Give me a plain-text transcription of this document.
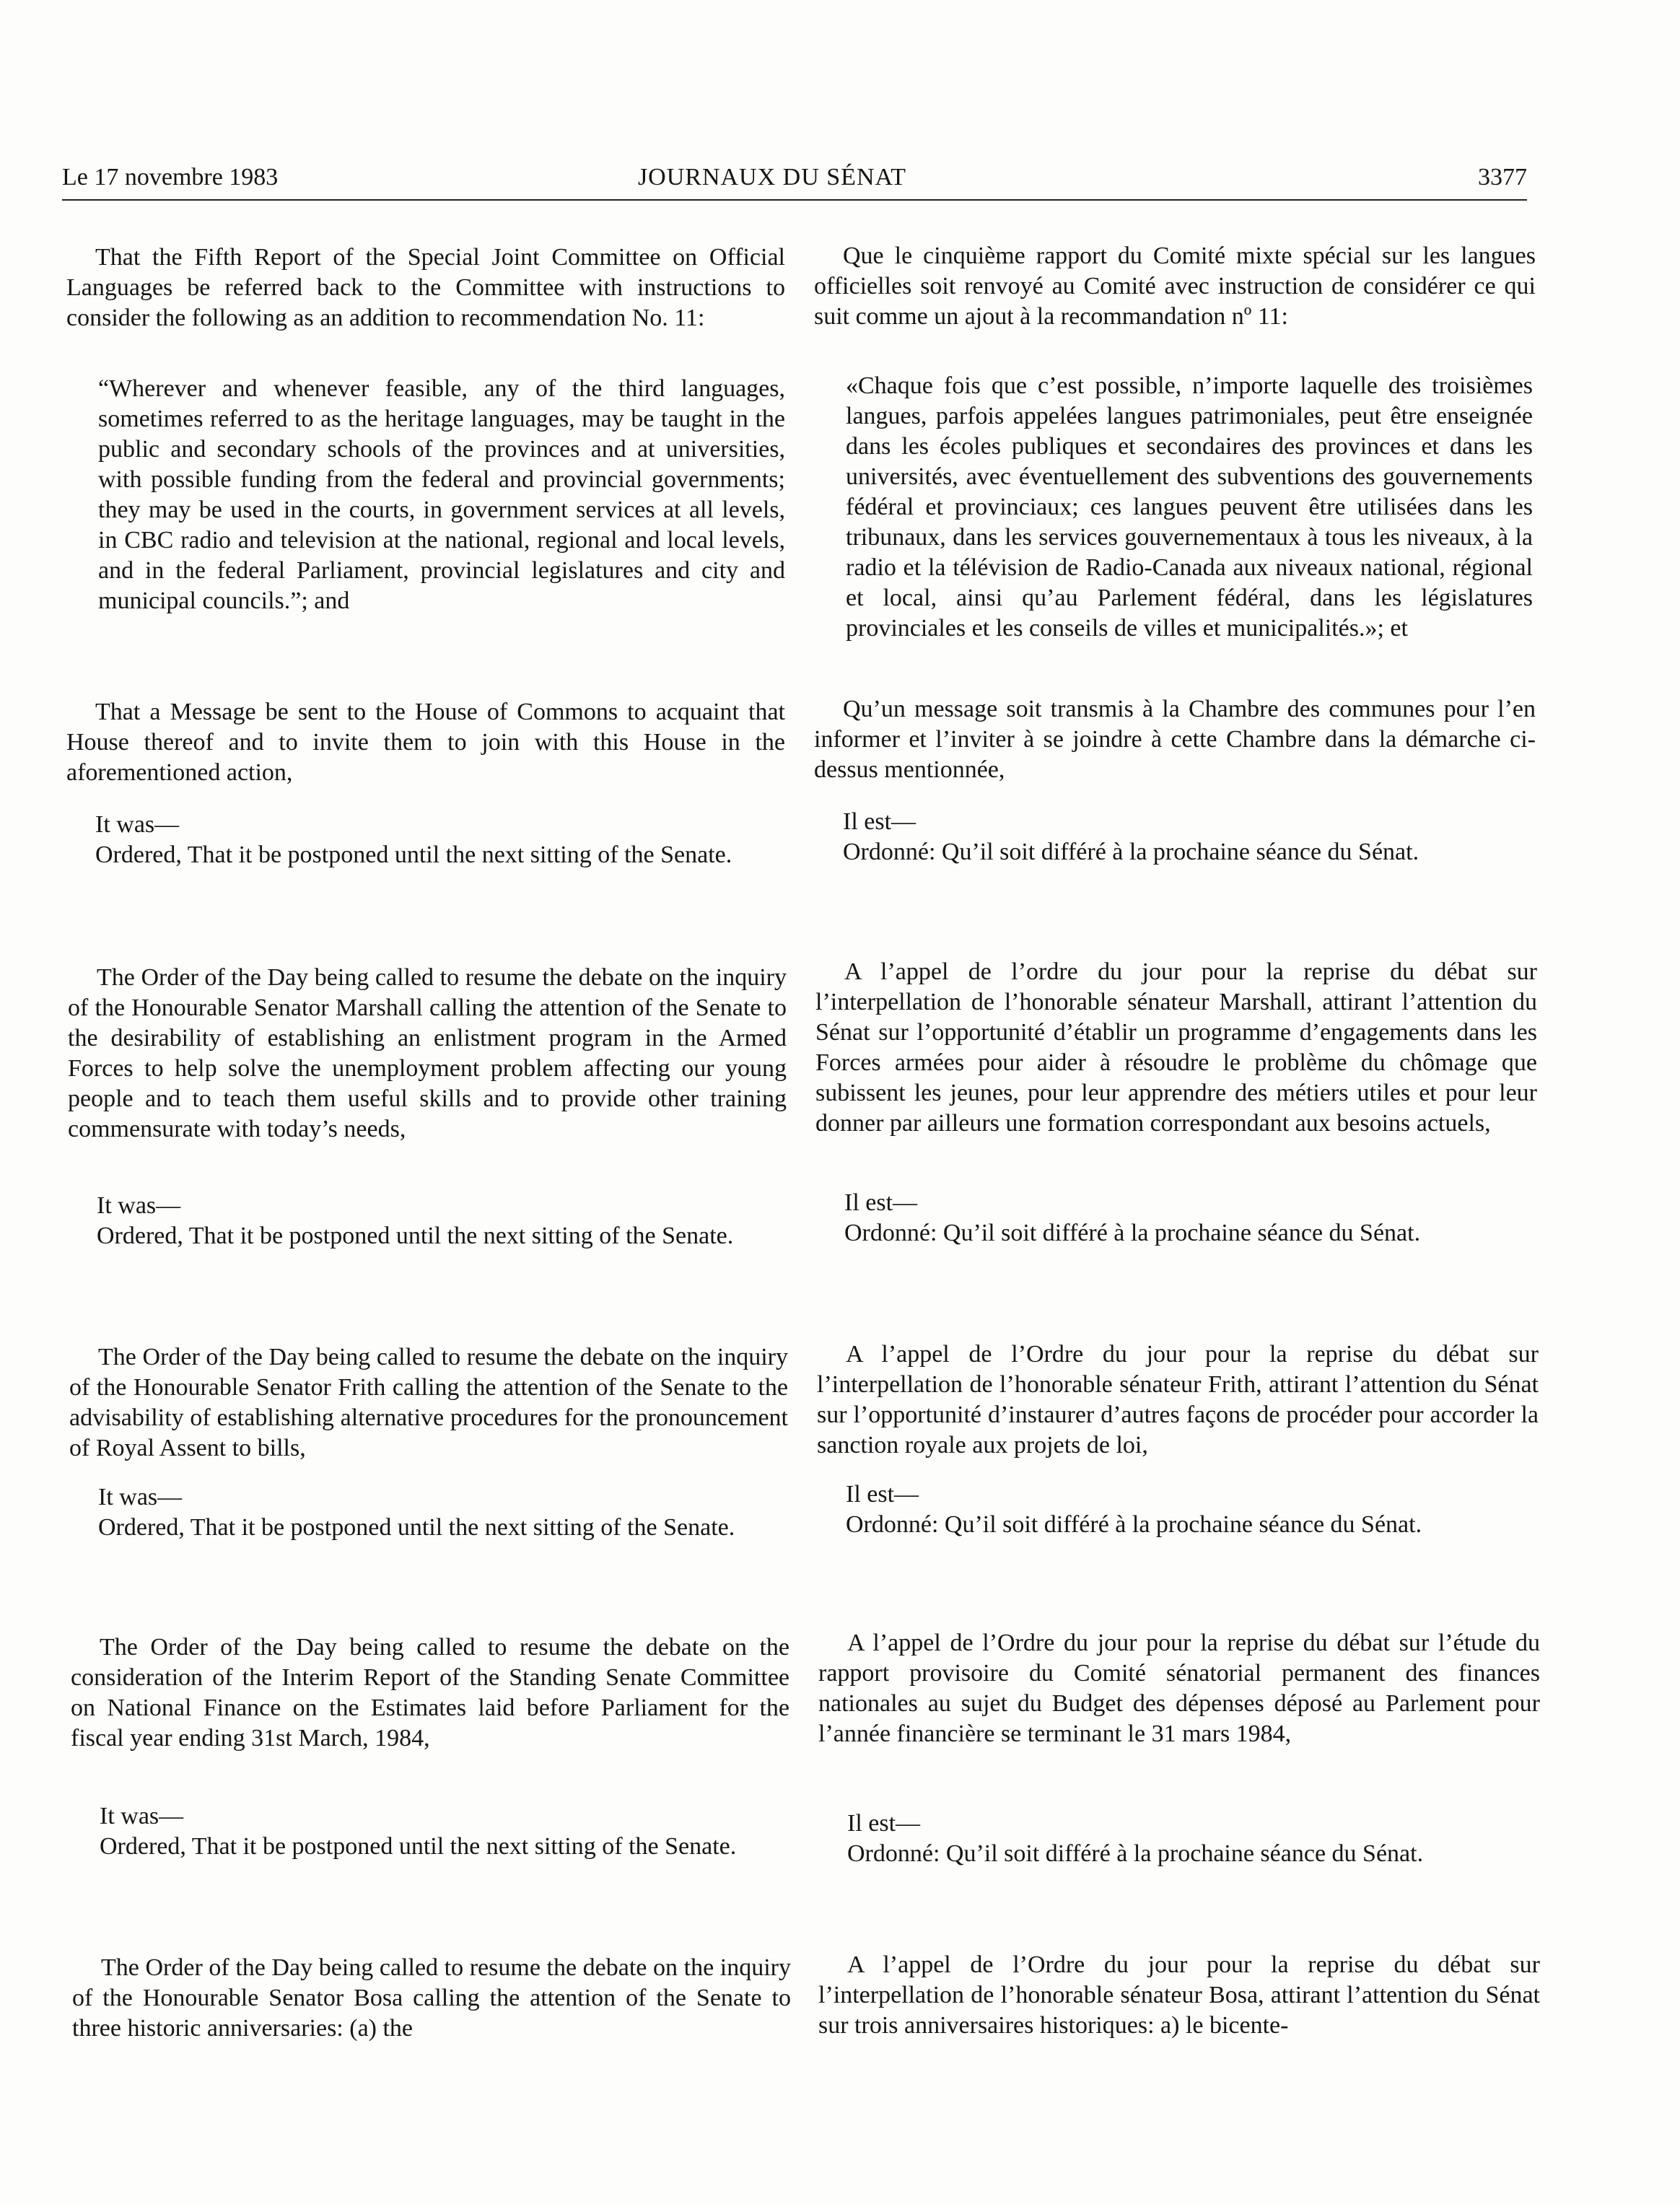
Le 17 novembre 1983	JOURNAUX DU SÉNAT	3377

That the Fifth Report of the Special Joint Committee on Official Languages be referred back to the Committee with instructions to consider the following as an addition to recommendation No. 11:

“Wherever and whenever feasible, any of the third languages, sometimes referred to as the heritage languages, may be taught in the public and secondary schools of the provinces and at universities, with possible funding from the federal and provincial governments; they may be used in the courts, in government services at all levels, in CBC radio and television at the national, regional and local levels, and in the federal Parliament, provincial legislatures and city and municipal councils.”; and

That a Message be sent to the House of Commons to acquaint that House thereof and to invite them to join with this House in the aforementioned action,

It was—

Ordered, That it be postponed until the next sitting of the Senate.

The Order of the Day being called to resume the debate on the inquiry of the Honourable Senator Marshall calling the attention of the Senate to the desirability of establishing an enlistment program in the Armed Forces to help solve the unemployment problem affecting our young people and to teach them useful skills and to provide other training commensurate with today’s needs,

It was—

Ordered, That it be postponed until the next sitting of the Senate.

The Order of the Day being called to resume the debate on the inquiry of the Honourable Senator Frith calling the attention of the Senate to the advisability of establishing alternative procedures for the pronouncement of Royal Assent to bills,

It was—

Ordered, That it be postponed until the next sitting of the Senate.

The Order of the Day being called to resume the debate on the consideration of the Interim Report of the Standing Senate Committee on National Finance on the Estimates laid before Parliament for the fiscal year ending 31st March, 1984,

It was—

Ordered, That it be postponed until the next sitting of the Senate.

The Order of the Day being called to resume the debate on the inquiry of the Honourable Senator Bosa calling the attention of the Senate to three historic anniversaries: (a) the

Que le cinquième rapport du Comité mixte spécial sur les langues officielles soit renvoyé au Comité avec instruction de considérer ce qui suit comme un ajout à la recommandation nº 11:

«Chaque fois que c’est possible, n’importe laquelle des troisièmes langues, parfois appelées langues patrimoniales, peut être enseignée dans les écoles publiques et secondaires des provinces et dans les universités, avec éventuellement des subventions des gouvernements fédéral et provinciaux; ces langues peuvent être utilisées dans les tribunaux, dans les services gouvernementaux à tous les niveaux, à la radio et la télévision de Radio-Canada aux niveaux national, régional et local, ainsi qu’au Parlement fédéral, dans les législatures provinciales et les conseils de villes et municipalités.»; et

Qu’un message soit transmis à la Chambre des communes pour l’en informer et l’inviter à se joindre à cette Chambre dans la démarche ci-dessus mentionnée,

Il est—

Ordonné: Qu’il soit différé à la prochaine séance du Sénat.

A l’appel de l’ordre du jour pour la reprise du débat sur l’interpellation de l’honorable sénateur Marshall, attirant l’attention du Sénat sur l’opportunité d’établir un programme d’engagements dans les Forces armées pour aider à résoudre le problème du chômage que subissent les jeunes, pour leur apprendre des métiers utiles et pour leur donner par ailleurs une formation correspondant aux besoins actuels,

Il est—

Ordonné: Qu’il soit différé à la prochaine séance du Sénat.

A l’appel de l’Ordre du jour pour la reprise du débat sur l’interpellation de l’honorable sénateur Frith, attirant l’attention du Sénat sur l’opportunité d’instaurer d’autres façons de procéder pour accorder la sanction royale aux projets de loi,

Il est—

Ordonné: Qu’il soit différé à la prochaine séance du Sénat.

A l’appel de l’Ordre du jour pour la reprise du débat sur l’étude du rapport provisoire du Comité sénatorial permanent des finances nationales au sujet du Budget des dépenses déposé au Parlement pour l’année financière se terminant le 31 mars 1984,

Il est—

Ordonné: Qu’il soit différé à la prochaine séance du Sénat.

A l’appel de l’Ordre du jour pour la reprise du débat sur l’interpellation de l’honorable sénateur Bosa, attirant l’attention du Sénat sur trois anniversaires historiques: a) le bicente-
